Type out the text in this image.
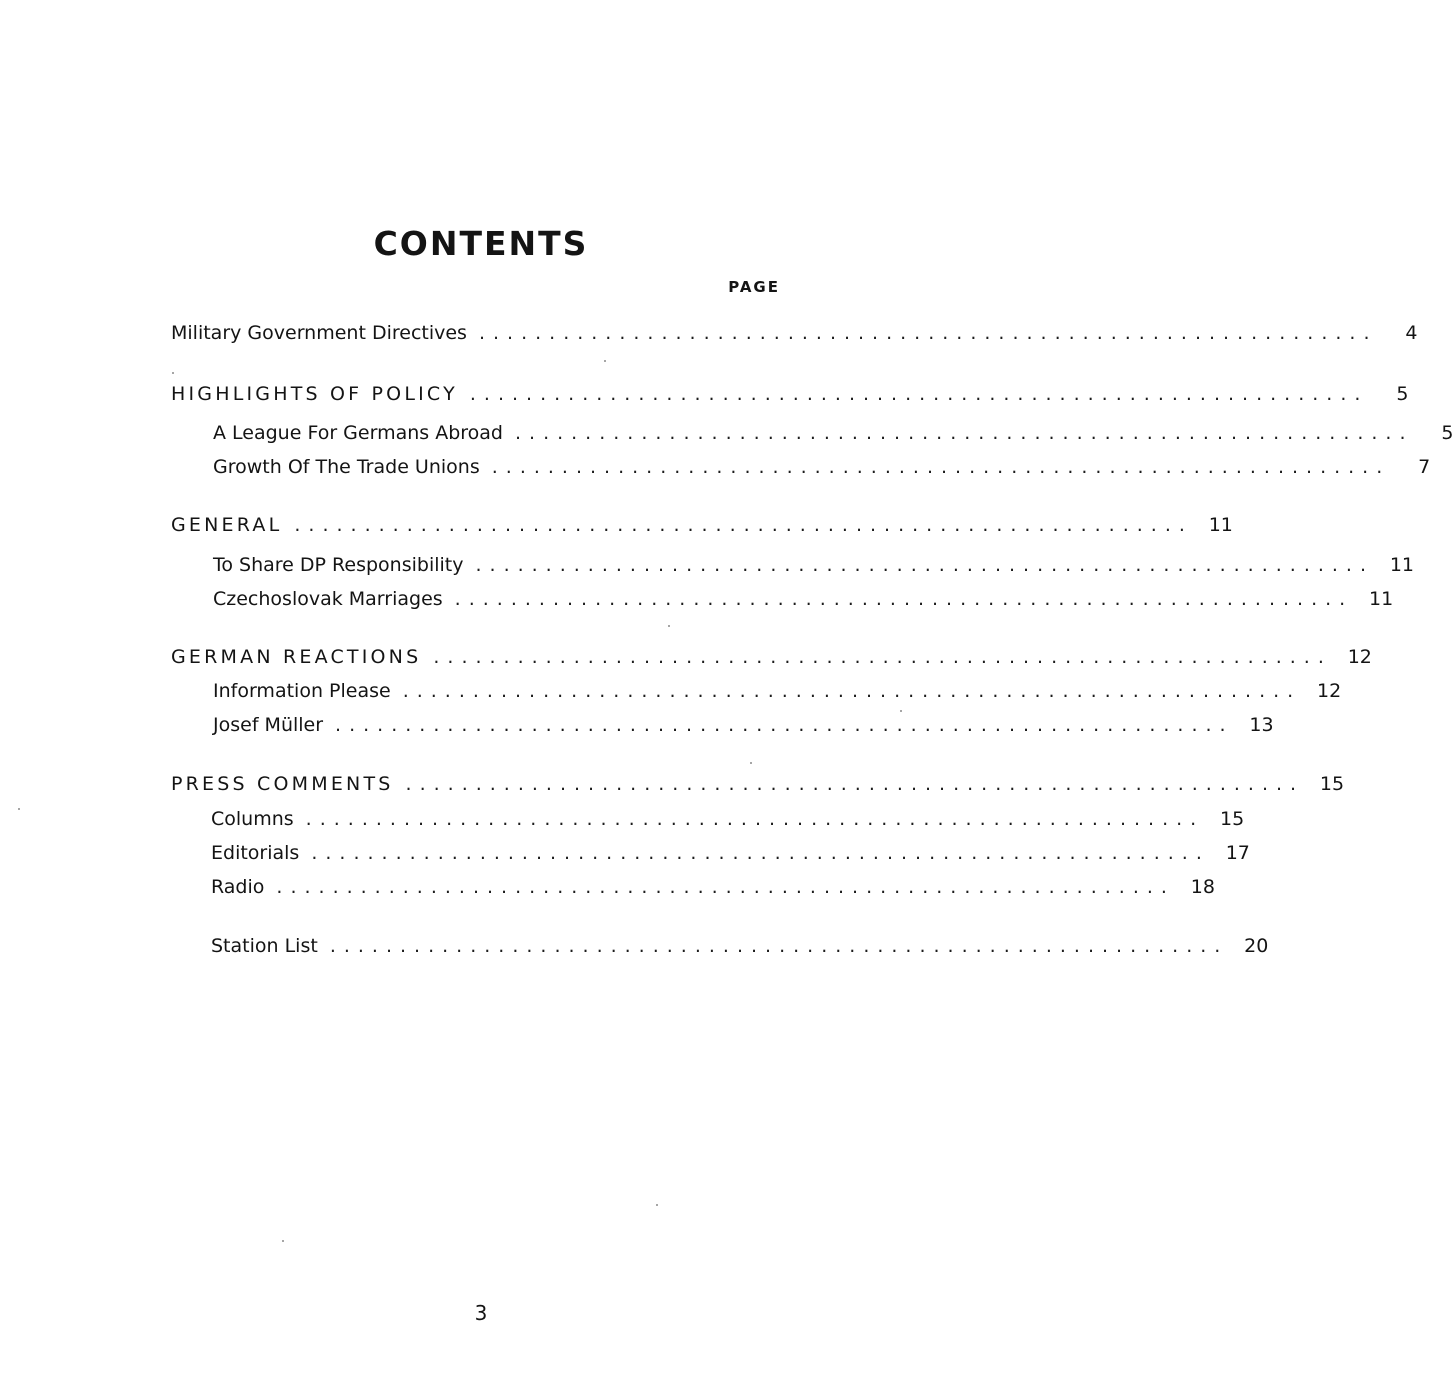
CONTENTS
PAGE
Military Government Directives ................................................................	4
HIGHLIGHTS OF POLICY ................................................................	5
A League For Germans Abroad ................................................................	5
Growth Of The Trade Unions ................................................................	7
GENERAL ................................................................ 11
To Share DP Responsibility ................................................................ 11
Czechoslovak Marriages ................................................................ 11
GERMAN REACTIONS ................................................................ 12
Information Please ................................................................ 12
Josef Müller ................................................................ 13
PRESS COMMENTS ................................................................ 15
Columns ................................................................ 15
Editorials ................................................................ 17
Radio ................................................................ 18
Station List ................................................................ 20
3
